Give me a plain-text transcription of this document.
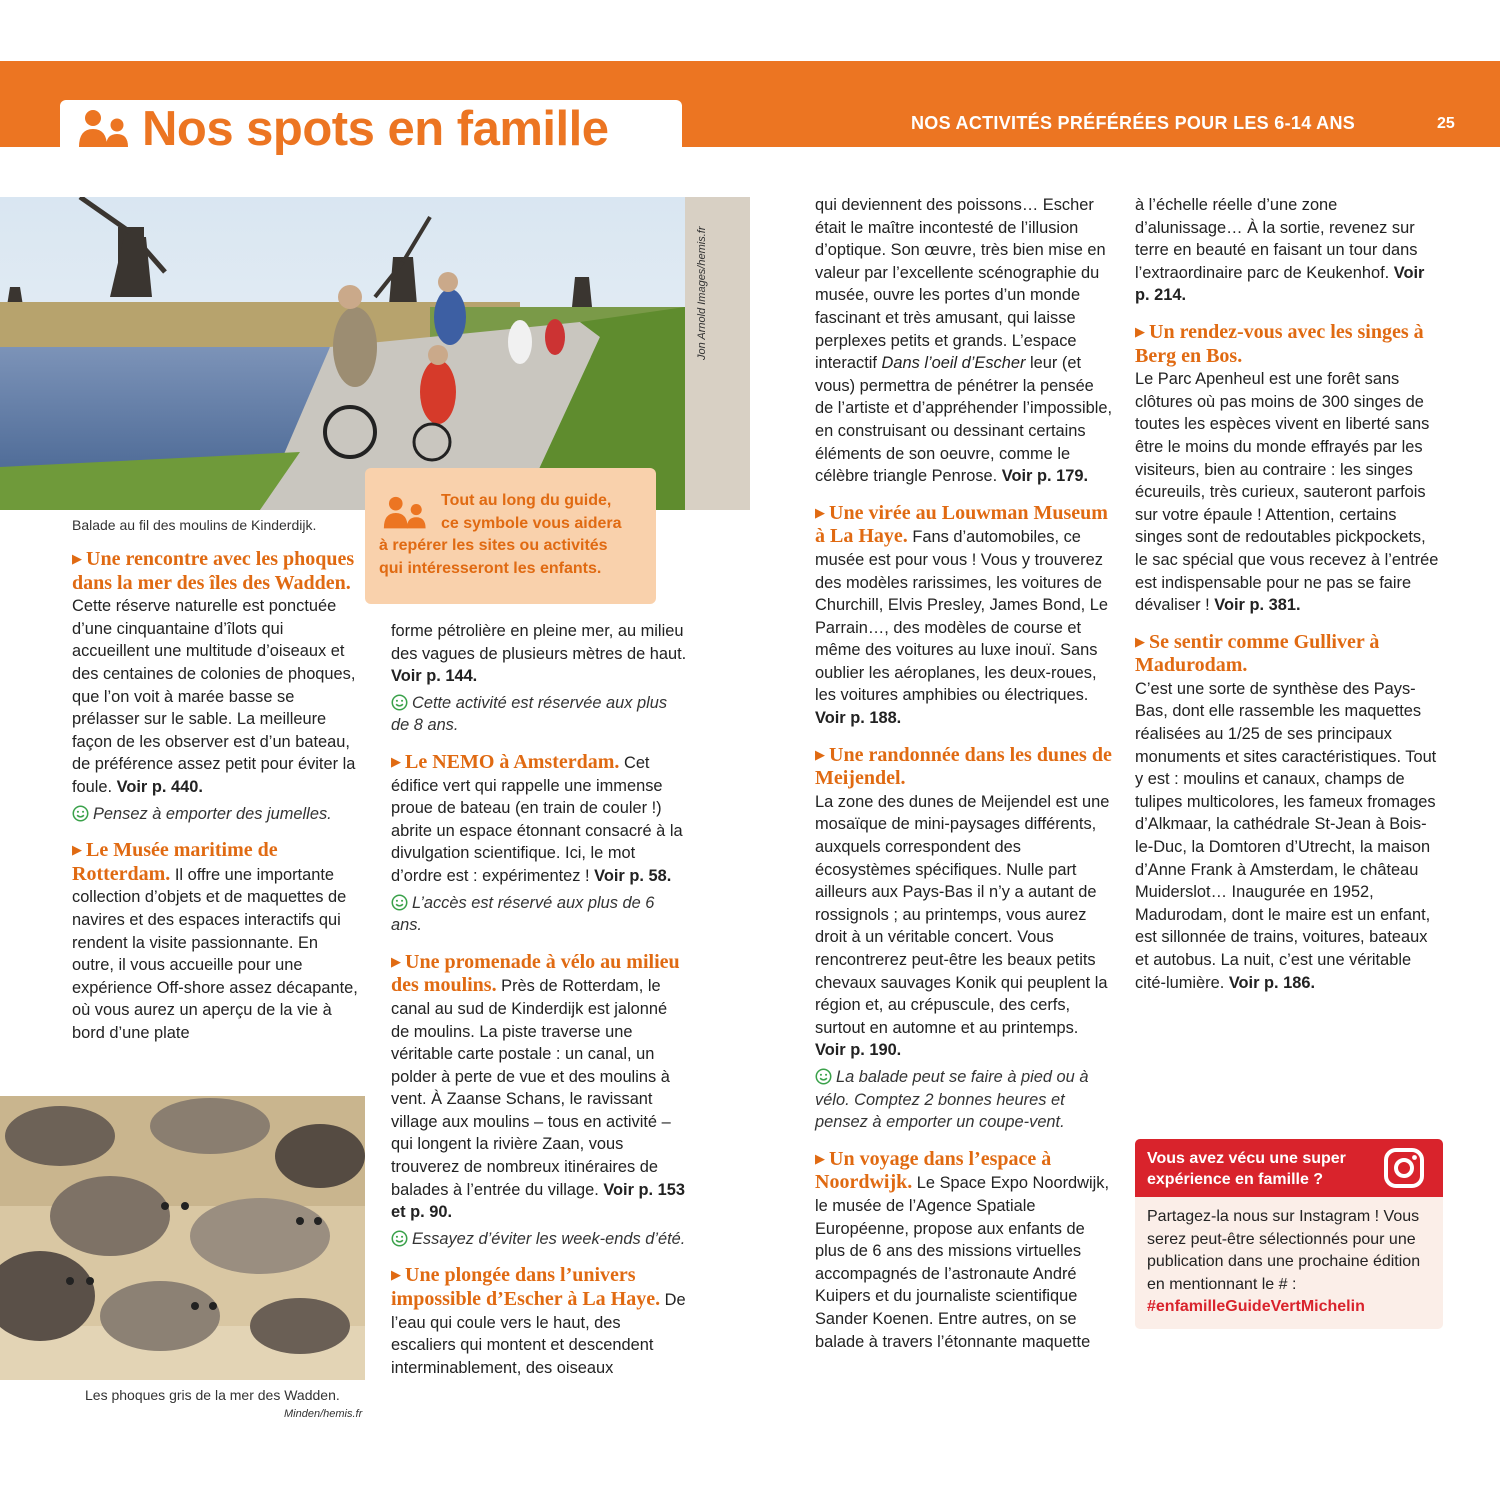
Nos spots en famille	NOS ACTIVITÉS PRÉFÉRÉES POUR LES 6-14 ANS	25
Jon Arnold Images/hemis.fr
Balade au fil des moulins de Kinderdijk.

Tout au long du guide,

ce symbole vous aidera

à repérer les sites ou activités

qui intéresseront les enfants.

▶ Une rencontre avec les phoques dans la mer des îles des Wadden. Cette réserve naturelle est ponctuée d’une cinquantaine d’îlots qui accueillent une multitude d’oiseaux et des centaines de colonies de phoques, que l’on voit à marée basse se prélasser sur le sable. La meilleure façon de les observer est d’un bateau, de préférence assez petit pour éviter la foule. Voir p. 440.

Pensez à emporter des jumelles.

▶ Le Musée maritime de Rotterdam. Il offre une importante collection d’objets et de maquettes de navires et des espaces interactifs qui rendent la visite passionnante. En outre, il vous accueille pour une expérience Off-shore assez décapante, où vous aurez un aperçu de la vie à bord d’une plate

Les phoques gris de la mer des Wadden.
Minden/hemis.fr

forme pétrolière en pleine mer, au milieu des vagues de plusieurs mètres de haut. Voir p. 144.

Cette activité est réservée aux plus de 8 ans.

▶ Le NEMO à Amsterdam. Cet édifice vert qui rappelle une immense proue de bateau (en train de couler !) abrite un espace étonnant consacré à la divulgation scientifique. Ici, le mot d’ordre est : expérimentez ! Voir p. 58.

L’accès est réservé aux plus de 6 ans.

▶ Une promenade à vélo au milieu des moulins. Près de Rotterdam, le canal au sud de Kinderdijk est jalonné de moulins. La piste traverse une véritable carte postale : un canal, un polder à perte de vue et des moulins à vent. À Zaanse Schans, le ravissant village aux moulins – tous en activité – qui longent la rivière Zaan, vous trouverez de nombreux itinéraires de balades à l’entrée du village. Voir p. 153 et p. 90.

Essayez d’éviter les week-ends d’été.

▶ Une plongée dans l’univers impossible d’Escher à La Haye. De l’eau qui coule vers le haut, des escaliers qui montent et descendent interminablement, des oiseaux

qui deviennent des poissons… Escher était le maître incontesté de l’illusion d’optique. Son œuvre, très bien mise en valeur par l’excellente scénographie du musée, ouvre les portes d’un monde fascinant et très amusant, qui laisse perplexes petits et grands. L’espace interactif Dans l’oeil d’Escher leur (et vous) permettra de pénétrer la pensée de l’artiste et d’appréhender l’impossible, en construisant ou dessinant certains éléments de son oeuvre, comme le célèbre triangle Penrose. Voir p. 179.

▶ Une virée au Louwman Museum à La Haye. Fans d’automobiles, ce musée est pour vous ! Vous y trouverez des modèles rarissimes, les voitures de Churchill, Elvis Presley, James Bond, Le Parrain…, des modèles de course et même des voitures au luxe inouï. Sans oublier les aéroplanes, les deux-roues, les voitures amphibies ou électriques. Voir p. 188.

▶ Une randonnée dans les dunes de Meijendel.
La zone des dunes de Meijendel est une mosaïque de mini-paysages différents, auxquels correspondent des écosystèmes spécifiques. Nulle part ailleurs aux Pays-Bas il n’y a autant de rossignols ; au printemps, vous aurez droit à un véritable concert. Vous rencontrerez peut-être les beaux petits chevaux sauvages Konik qui peuplent la région et, au crépuscule, des cerfs, surtout en automne et au printemps. Voir p. 190.

La balade peut se faire à pied ou à vélo. Comptez 2 bonnes heures et pensez à emporter un coupe-vent.

▶ Un voyage dans l’espace à Noordwijk. Le Space Expo Noordwijk, le musée de l’Agence Spatiale Européenne, propose aux enfants de plus de 6 ans des missions virtuelles accompagnés de l’astronaute André Kuipers et du journaliste scientifique Sander Koenen. Entre autres, on se balade à travers l’étonnante maquette

à l’échelle réelle d’une zone d’alunissage… À la sortie, revenez sur terre en beauté en faisant un tour dans l’extraordinaire parc de Keukenhof. Voir p. 214.

▶ Un rendez-vous avec les singes à Berg en Bos.
Le Parc Apenheul est une forêt sans clôtures où pas moins de 300 singes de toutes les espèces vivent en liberté sans être le moins du monde effrayés par les visiteurs, bien au contraire : les singes écureuils, très curieux, sauteront parfois sur votre épaule ! Attention, certains singes sont de redoutables pickpockets, le sac spécial que vous recevez à l’entrée est indispensable pour ne pas se faire dévaliser ! Voir p. 381.

▶ Se sentir comme Gulliver à Madurodam.
C’est une sorte de synthèse des Pays-Bas, dont elle rassemble les maquettes réalisées au 1/25 de ses principaux monuments et sites caractéristiques. Tout y est : moulins et canaux, champs de tulipes multicolores, les fameux fromages d’Alkmaar, la cathédrale St-Jean à Bois-le-Duc, la Domtoren d’Utrecht, la maison d’Anne Frank à Amsterdam, le château Muiderslot… Inaugurée en 1952, Madurodam, dont le maire est un enfant, est sillonnée de trains, voitures, bateaux et autobus. La nuit, c’est une véritable cité-lumière. Voir p. 186.

Vous avez vécu une super expérience en famille ?
Partagez-la nous sur Instagram ! Vous serez peut-être sélectionnés pour une publication dans une prochaine édition en mentionnant le # : #enfamilleGuideVertMichelin
